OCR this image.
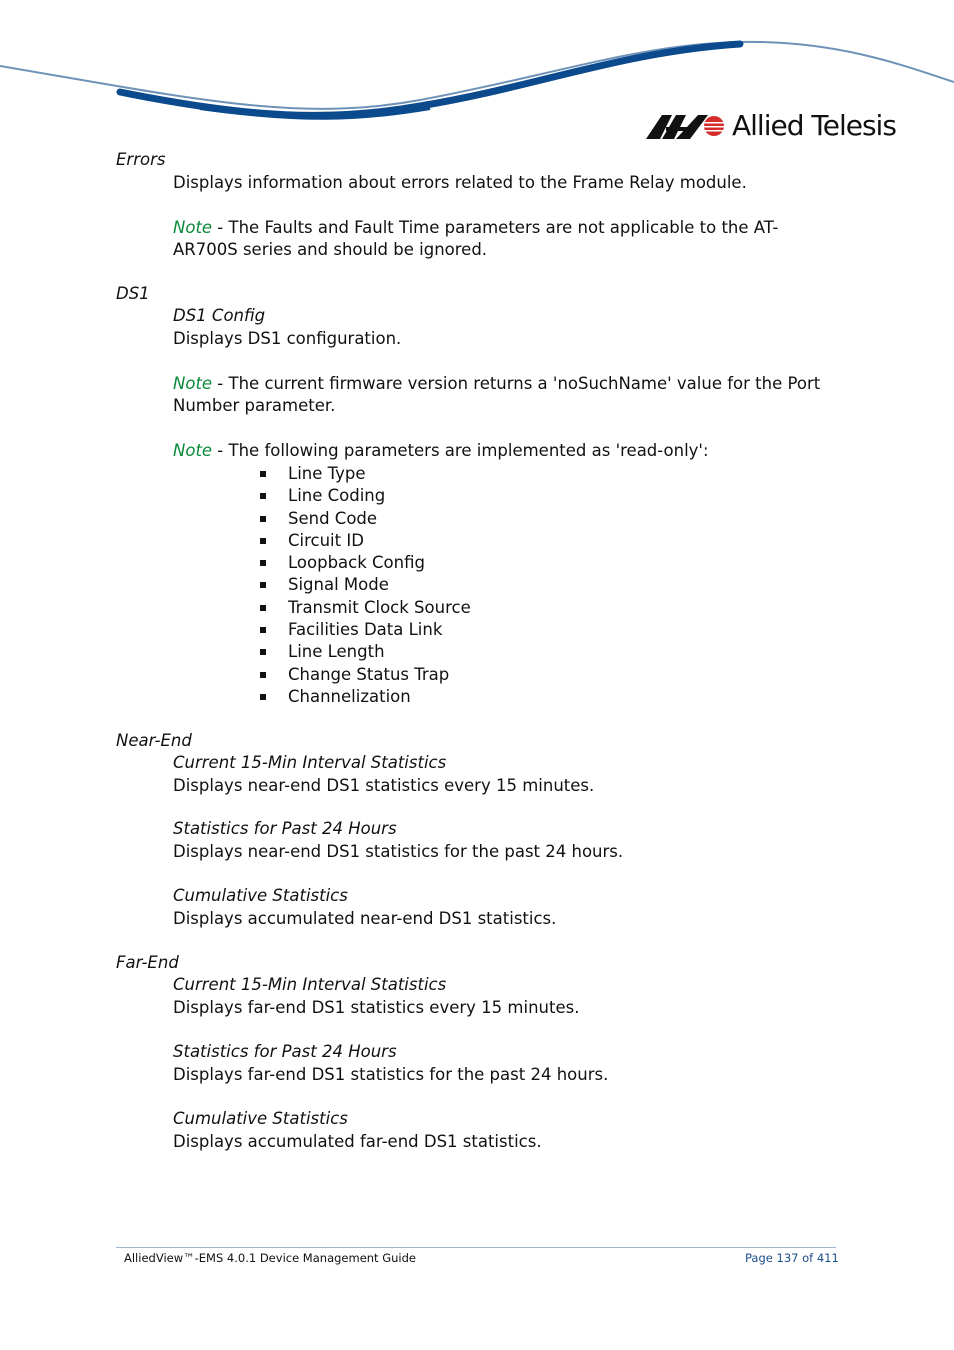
Allied Telesis
Errors
Displays information about errors related to the Frame Relay module.
Note - The Faults and Fault Time parameters are not applicable to the AT-AR700S series and should be ignored.
DS1
DS1 Config
Displays DS1 configuration.
Note - The current firmware version returns a 'noSuchName' value for the Port Number parameter.
Note - The following parameters are implemented as 'read-only':
Line Type
Line Coding
Send Code
Circuit ID
Loopback Config
Signal Mode
Transmit Clock Source
Facilities Data Link
Line Length
Change Status Trap
Channelization
Near-End
Current 15-Min Interval Statistics
Displays near-end DS1 statistics every 15 minutes.
Statistics for Past 24 Hours
Displays near-end DS1 statistics for the past 24 hours.
Cumulative Statistics
Displays accumulated near-end DS1 statistics.
Far-End
Current 15-Min Interval Statistics
Displays far-end DS1 statistics every 15 minutes.
Statistics for Past 24 Hours
Displays far-end DS1 statistics for the past 24 hours.
Cumulative Statistics
Displays accumulated far-end DS1 statistics.
AlliedView™-EMS 4.0.1 Device Management Guide	Page 137 of 411
